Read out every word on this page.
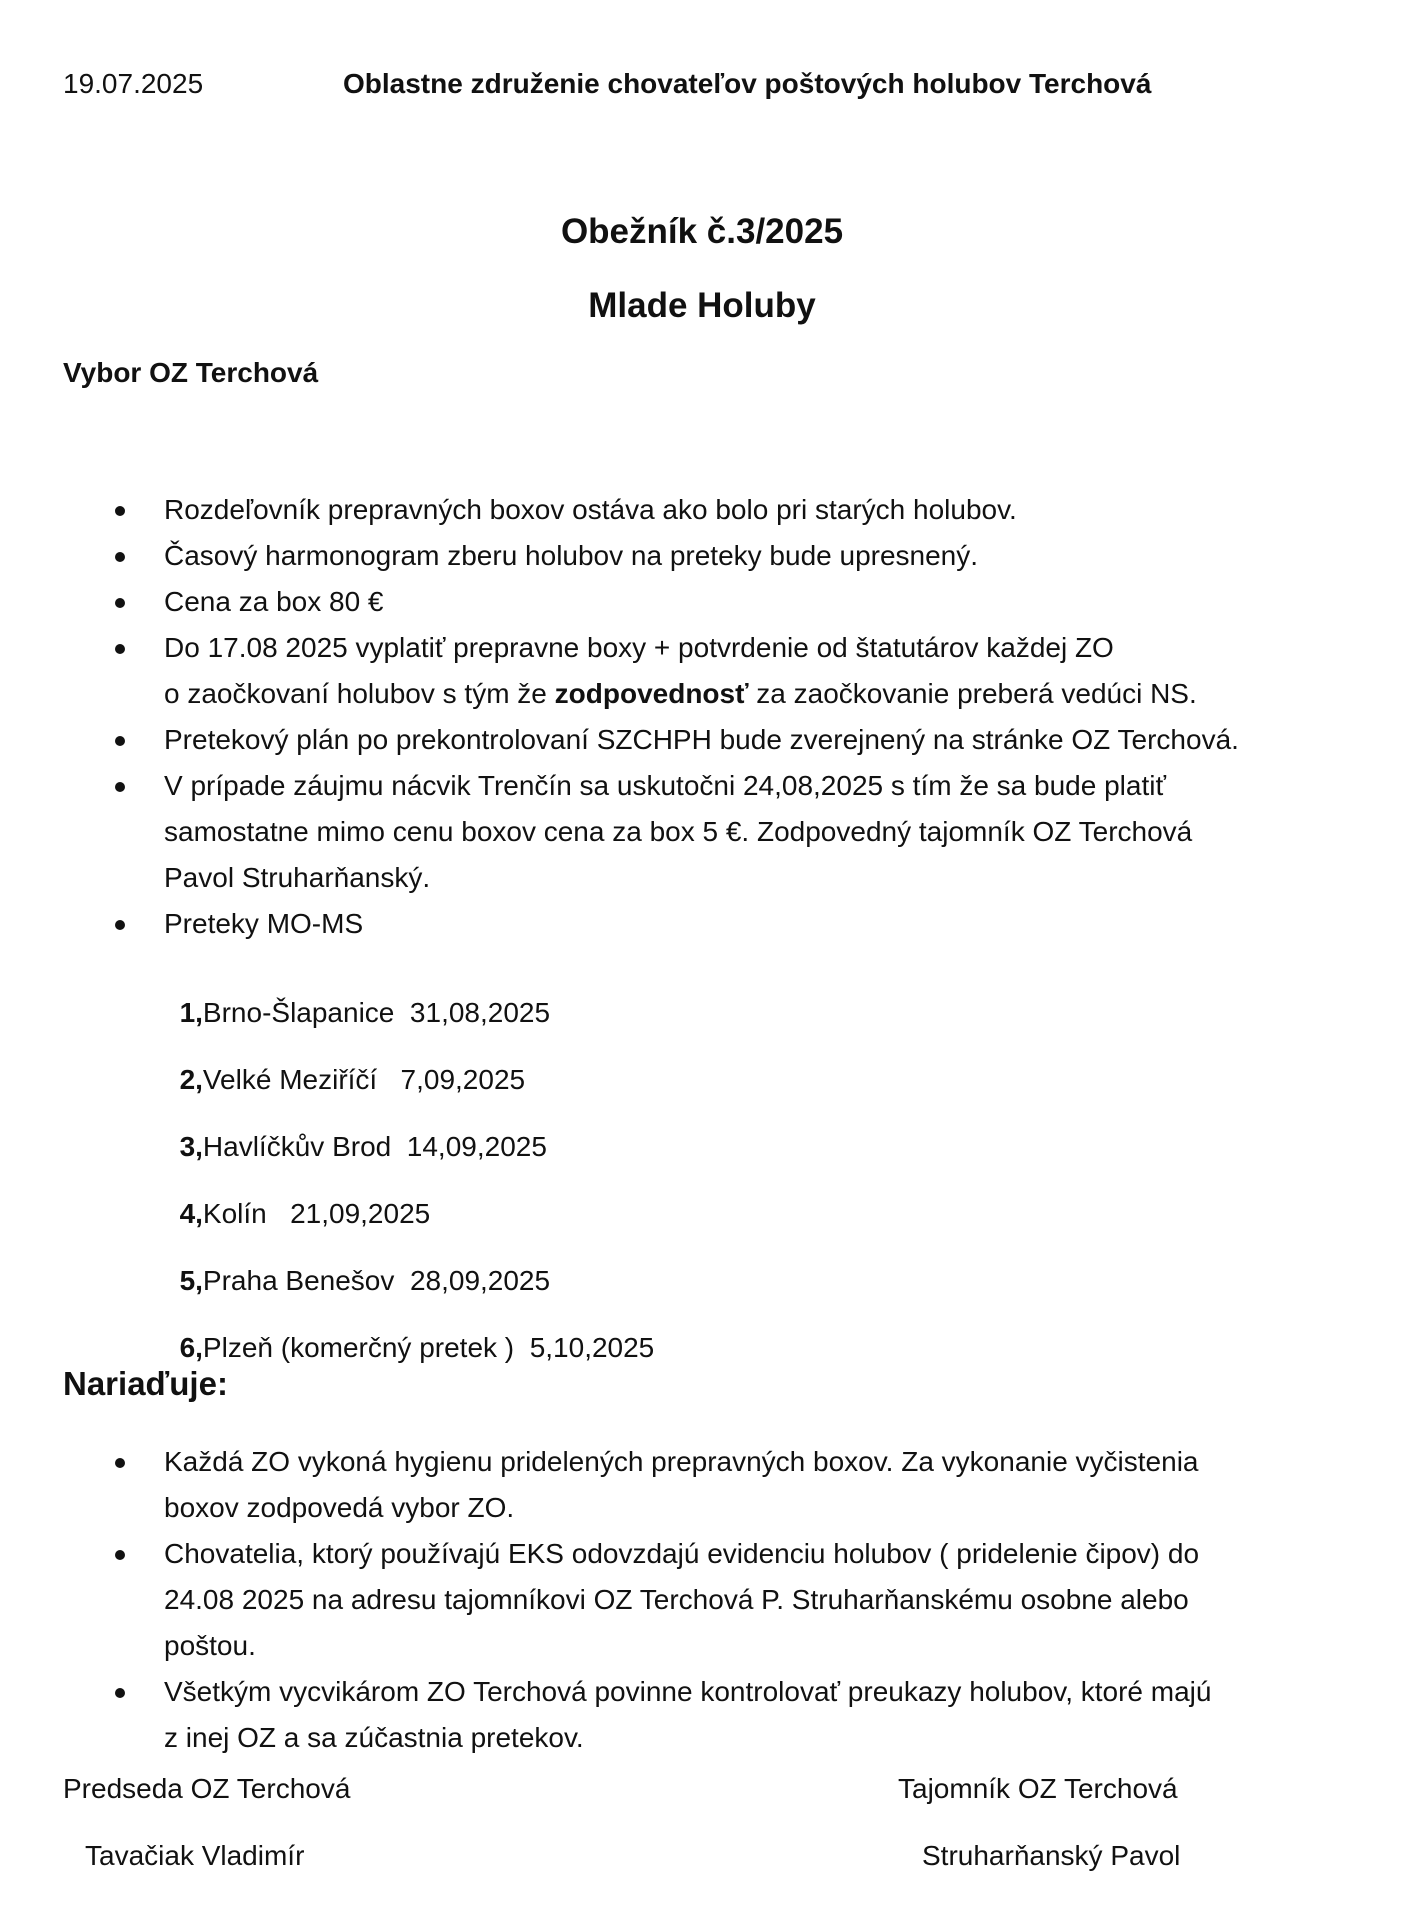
19.07.2025	Oblastne združenie chovateľov poštových holubov Terchová
Obežník č.3/2025
Mlade Holuby
Vybor OZ Terchová
Rozdeľovník prepravných boxov ostáva ako bolo pri starých holubov.
Časový harmonogram zberu holubov na preteky bude upresnený.
Cena za box 80 €
Do 17.08 2025 vyplatiť prepravne boxy + potvrdenie od štatutárov každej ZO
o zaočkovaní holubov s tým že zodpovednosť za zaočkovanie preberá vedúci NS.
Pretekový plán po prekontrolovaní SZCHPH bude zverejnený na stránke OZ Terchová.
V prípade záujmu nácvik Trenčín sa uskutočni 24,08,2025 s tím že sa bude platiť
samostatne mimo cenu boxov cena za box 5 €. Zodpovedný tajomník OZ Terchová
Pavol Struharňanský.
Preteky MO-MS

1,Brno-Šlapanice  31,08,2025

2,Velké Meziříčí   7,09,2025

3,Havlíčkův Brod  14,09,2025

4,Kolín   21,09,2025

5,Praha Benešov  28,09,2025

6,Plzeň (komerčný pretek )  5,10,2025

Nariaďuje:
Každá ZO vykoná hygienu pridelených prepravných boxov. Za vykonanie vyčistenia
boxov zodpovedá vybor ZO.
Chovatelia, ktorý používajú EKS odovzdajú evidenciu holubov ( pridelenie čipov) do
24.08 2025 na adresu tajomníkovi OZ Terchová P. Struharňanskému osobne alebo
poštou.
Všetkým vycvikárom ZO Terchová povinne kontrolovať preukazy holubov, ktoré majú
z inej OZ a sa zúčastnia pretekov.
Predseda OZ Terchová
Tavačiak Vladimír
Tajomník OZ Terchová
Struharňanský Pavol
